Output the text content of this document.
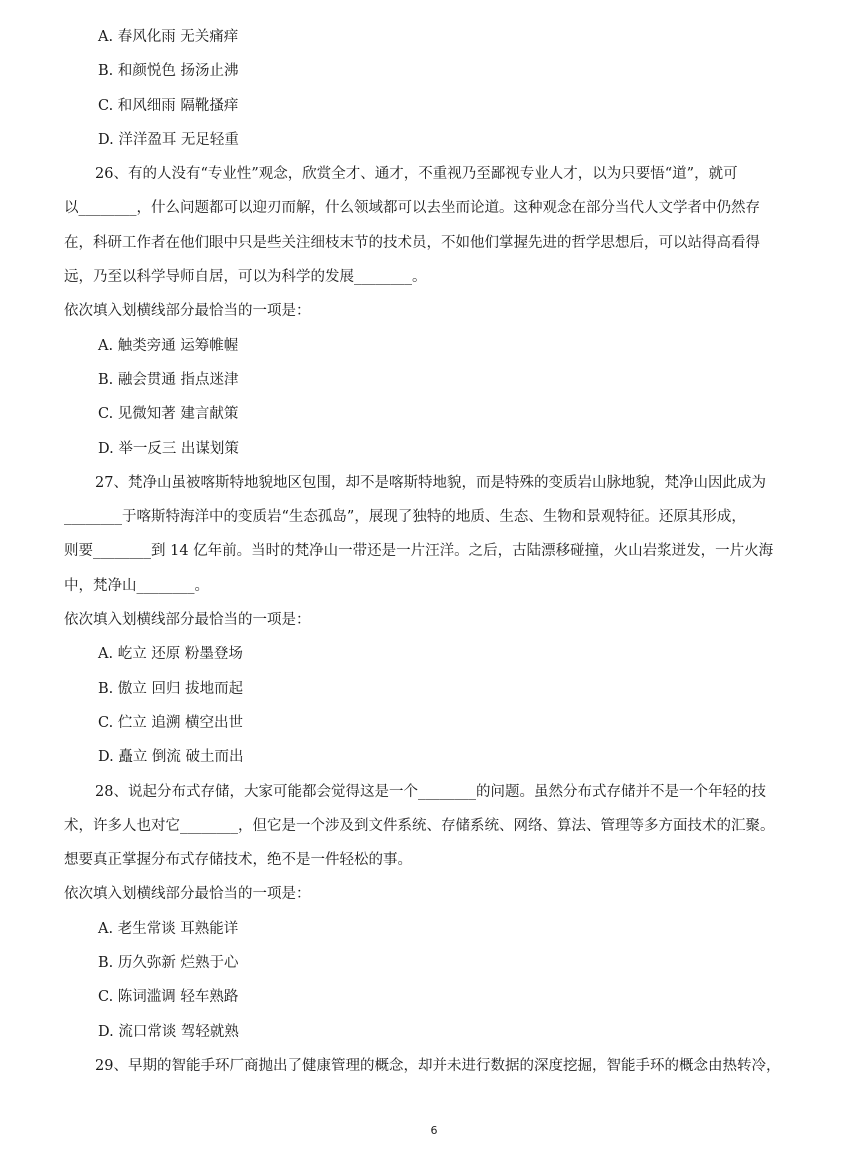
A. 春风化雨 无关痛痒
B. 和颜悦色 扬汤止沸
C. 和风细雨 隔靴搔痒
D. 洋洋盈耳 无足轻重
26、有的人没有“专业性”观念，欣赏全才、通才，不重视乃至鄙视专业人才，以为只要悟“道”，就可
以________，什么问题都可以迎刃而解，什么领域都可以去坐而论道。这种观念在部分当代人文学者中仍然存
在，科研工作者在他们眼中只是些关注细枝末节的技术员，不如他们掌握先进的哲学思想后，可以站得高看得
远，乃至以科学导师自居，可以为科学的发展________。
依次填入划横线部分最恰当的一项是：
A. 触类旁通 运筹帷幄
B. 融会贯通 指点迷津
C. 见微知著 建言献策
D. 举一反三 出谋划策
27、梵净山虽被喀斯特地貌地区包围，却不是喀斯特地貌，而是特殊的变质岩山脉地貌，梵净山因此成为
________于喀斯特海洋中的变质岩“生态孤岛”，展现了独特的地质、生态、生物和景观特征。还原其形成，
则要________到 14 亿年前。当时的梵净山一带还是一片汪洋。之后，古陆漂移碰撞，火山岩浆迸发，一片火海
中，梵净山________。
依次填入划横线部分最恰当的一项是：
A. 屹立 还原 粉墨登场
B. 傲立 回归 拔地而起
C. 伫立 追溯 横空出世
D. 矗立 倒流 破土而出
28、说起分布式存储，大家可能都会觉得这是一个________的问题。虽然分布式存储并不是一个年轻的技
术，许多人也对它________，但它是一个涉及到文件系统、存储系统、网络、算法、管理等多方面技术的汇聚。
想要真正掌握分布式存储技术，绝不是一件轻松的事。
依次填入划横线部分最恰当的一项是：
A. 老生常谈 耳熟能详
B. 历久弥新 烂熟于心
C. 陈词滥调 轻车熟路
D. 流口常谈 驾轻就熟
29、早期的智能手环厂商抛出了健康管理的概念，却并未进行数据的深度挖掘，智能手环的概念由热转冷，
6
